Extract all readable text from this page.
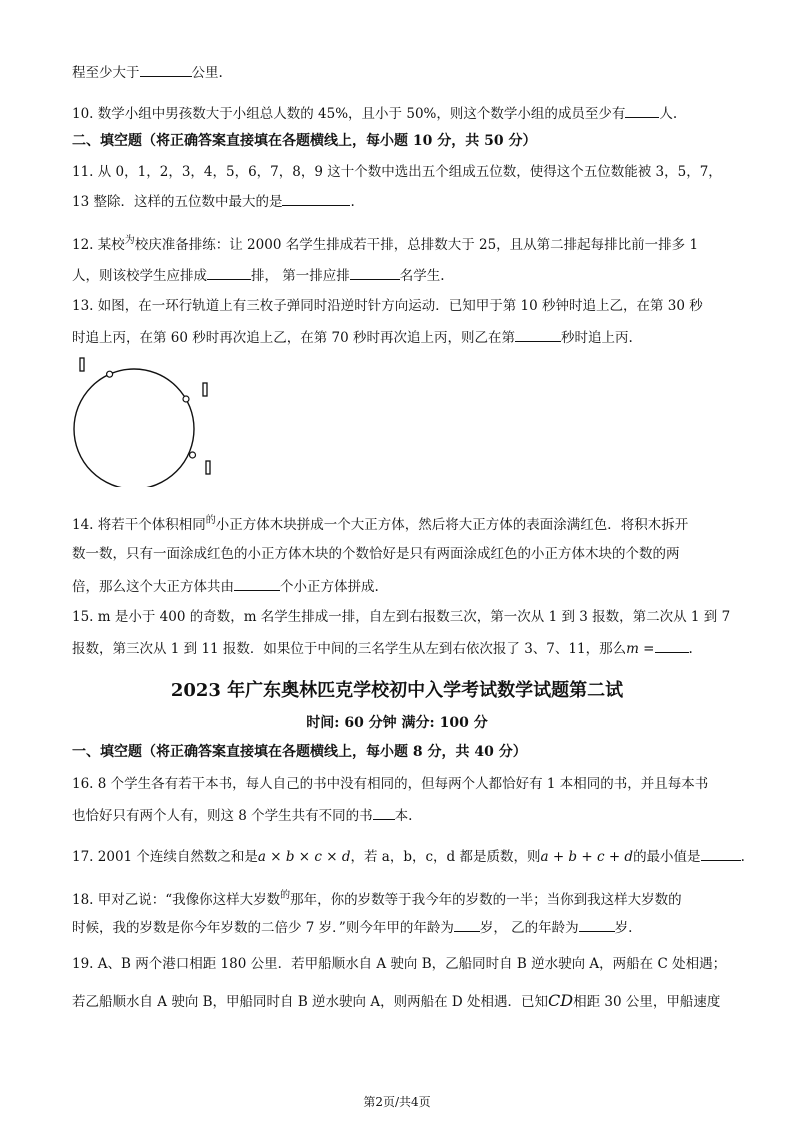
程至少大于	公里.
10. 数学小组中男孩数大于小组总人数的 45%，且小于 50%，则这个数学小组的成员至少有	人.
二、填空题（将正确答案直接填在各题横线上，每小题 10 分，共 50 分）
11. 从 0，1，2，3，4，5，6，7，8，9 这十个数中选出五个组成五位数，使得这个五位数能被 3，5，7，
13 整除．这样的五位数中最大的是	.
12. 某校$^为$校庆准备排练：让 2000 名学生排成若干排，总排数大于 25，且从第二排起每排比前一排多 1
人，则该校学生应排成	排， 第一排应排	名学生.
13. 如图，在一环行轨道上有三枚子弹同时沿逆时针方向运动．已知甲于第 10 秒钟时追上乙，在第 30 秒
时追上丙，在第 60 秒时再次追上乙，在第 70 秒时再次追上丙，则乙在第	秒时追上丙.
14. 将若干个体积相同$^的$小正方体木块拼成一个大正方体，然后将大正方体的表面涂满红色．将积木拆开
数一数，只有一面涂成红色的小正方体木块的个数恰好是只有两面涂成红色的小正方体木块的个数的两
倍，那么这个大正方体共由	个小正方体拼成.
15. m 是小于 400 的奇数，m 名学生排成一排，自左到右报数三次，第一次从 1 到 3 报数，第二次从 1 到 7
报数，第三次从 1 到 11 报数．如果位于中间的三名学生从左到右依次报了 3、7、11，那么m =	.
2023 年广东奥林匹克学校初中入学考试数学试题第二试
时间: 60 分钟 满分: 100 分
一、填空题（将正确答案直接填在各题横线上，每小题 8 分，共 40 分）
16. 8 个学生各有若干本书，每人自己的书中没有相同的，但每两个人都恰好有 1 本相同的书，并且每本书
也恰好只有两个人有，则这 8 个学生共有不同的书 本.
17. 2001 个连续自然数之和是a × b × c × d，若 a，b，c，d 都是质数，则a + b + c + d的最小值是	.
18. 甲对乙说：“我像你这样大岁数$^的$那年，你的岁数等于我今年的岁数的一半；当你到我这样大岁数的
时候，我的岁数是你今年岁数的二倍少 7 岁．”则今年甲的年龄为 岁， 乙的年龄为	岁.
19. A、B 两个港口相距 180 公里．若甲船顺水自 A 驶向 B，乙船同时自 B 逆水驶向 A，两船在 C 处相遇；
若乙船顺水自 A 驶向 B，甲船同时自 B 逆水驶向 A，则两船在 D 处相遇．已知CD相距 30 公里，甲船速度
第2页/共4页
